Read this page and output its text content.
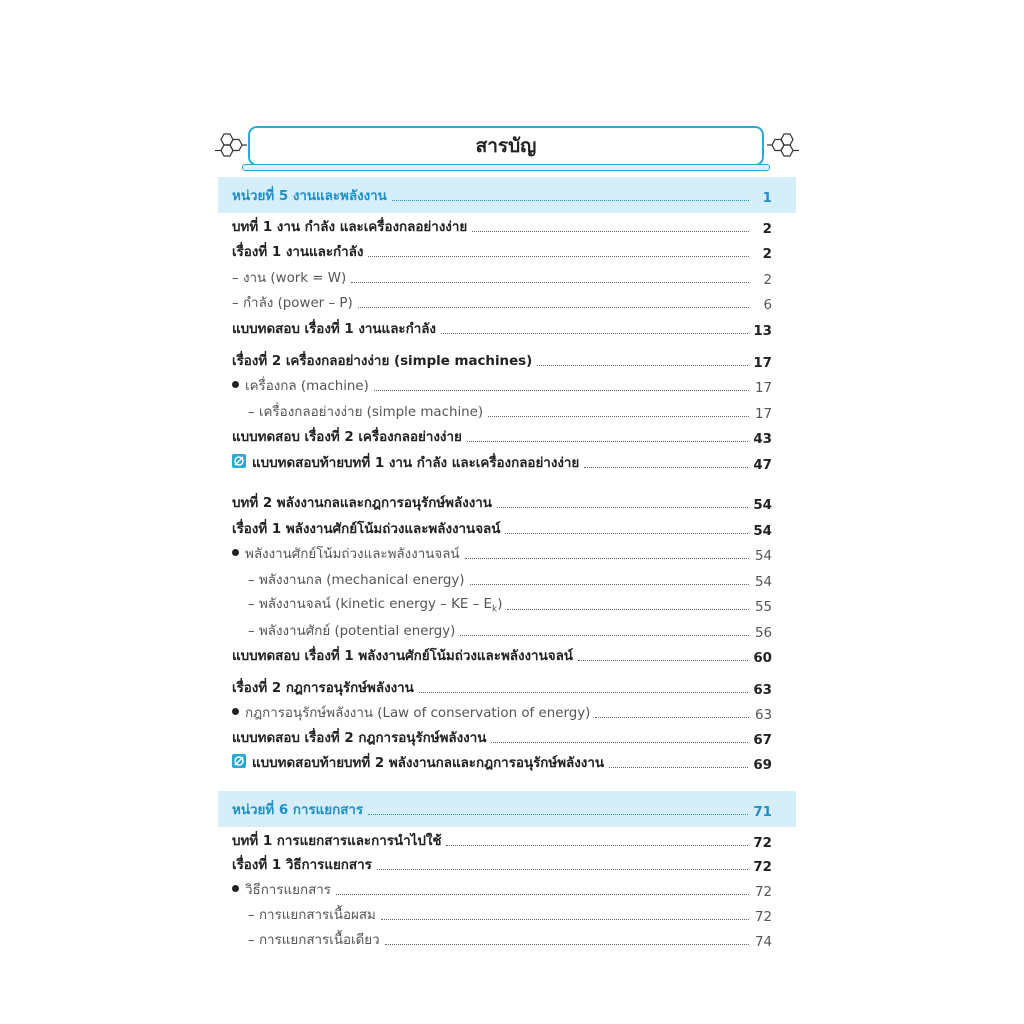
สารบัญ
หน่วยที่ 5 งานและพลังงาน	1
บทที่ 1 งาน กำลัง และเครื่องกลอย่างง่าย	2
เรื่องที่ 1 งานและกำลัง	2
– งาน (work = W)	2
– กำลัง (power – P)	6
แบบทดสอบ เรื่องที่ 1 งานและกำลัง	13
เรื่องที่ 2 เครื่องกลอย่างง่าย (simple machines)	17
เครื่องกล (machine)	17
– เครื่องกลอย่างง่าย (simple machine)	17
แบบทดสอบ เรื่องที่ 2 เครื่องกลอย่างง่าย	43
แบบทดสอบท้ายบทที่ 1 งาน กำลัง และเครื่องกลอย่างง่าย	47
บทที่ 2 พลังงานกลและกฎการอนุรักษ์พลังงาน	54
เรื่องที่ 1 พลังงานศักย์โน้มถ่วงและพลังงานจลน์	54
พลังงานศักย์โน้มถ่วงและพลังงานจลน์	54
– พลังงานกล (mechanical energy)	54
– พลังงานจลน์ (kinetic energy – KE – $E_k$)	55
– พลังงานศักย์ (potential energy)	56
แบบทดสอบ เรื่องที่ 1 พลังงานศักย์โน้มถ่วงและพลังงานจลน์	60
เรื่องที่ 2 กฎการอนุรักษ์พลังงาน	63
กฎการอนุรักษ์พลังงาน (Law of conservation of energy)	63
แบบทดสอบ เรื่องที่ 2 กฎการอนุรักษ์พลังงาน	67
แบบทดสอบท้ายบทที่ 2 พลังงานกลและกฎการอนุรักษ์พลังงาน	69
หน่วยที่ 6 การแยกสาร	71
บทที่ 1 การแยกสารและการนำไปใช้	72
เรื่องที่ 1 วิธีการแยกสาร	72
วิธีการแยกสาร	72
– การแยกสารเนื้อผสม	72
– การแยกสารเนื้อเดียว	74
